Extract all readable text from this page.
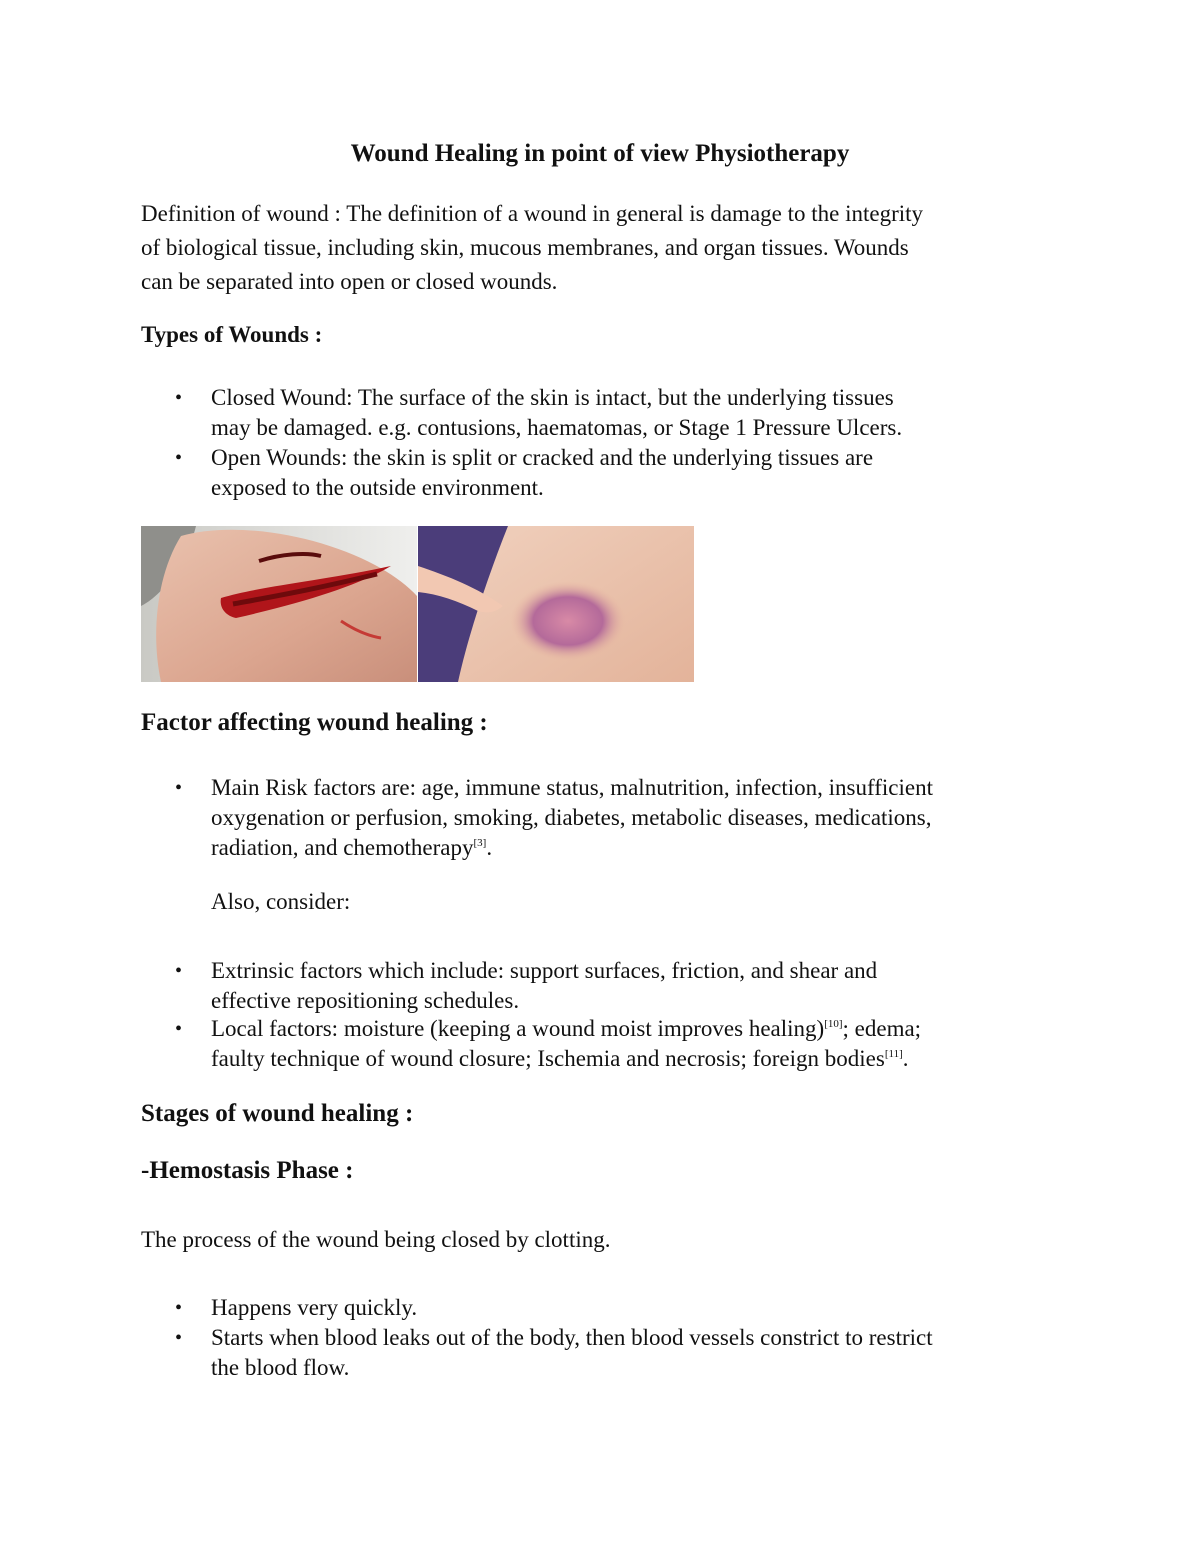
Wound Healing in point of view Physiotherapy
Definition of wound : The definition of a wound in general is damage to the integrity
of biological tissue, including skin, mucous membranes, and organ tissues. Wounds
can be separated into open or closed wounds.
Types of Wounds :
• Closed Wound: The surface of the skin is intact, but the underlying tissues
may be damaged. e.g. contusions, haematomas, or Stage 1 Pressure Ulcers.
• Open Wounds: the skin is split or cracked and the underlying tissues are
exposed to the outside environment.
Factor affecting wound healing :
• Main Risk factors are: age, immune status, malnutrition, infection, insufficient
oxygenation or perfusion, smoking, diabetes, metabolic diseases, medications,
radiation, and chemotherapy[3].
Also, consider:
• Extrinsic factors which include: support surfaces, friction, and shear and
effective repositioning schedules.
• Local factors: moisture (keeping a wound moist improves healing)[10]; edema;
faulty technique of wound closure; Ischemia and necrosis; foreign bodies[11].
Stages of wound healing :
-Hemostasis Phase :
The process of the wound being closed by clotting.
• Happens very quickly.
• Starts when blood leaks out of the body, then blood vessels constrict to restrict
the blood flow.
